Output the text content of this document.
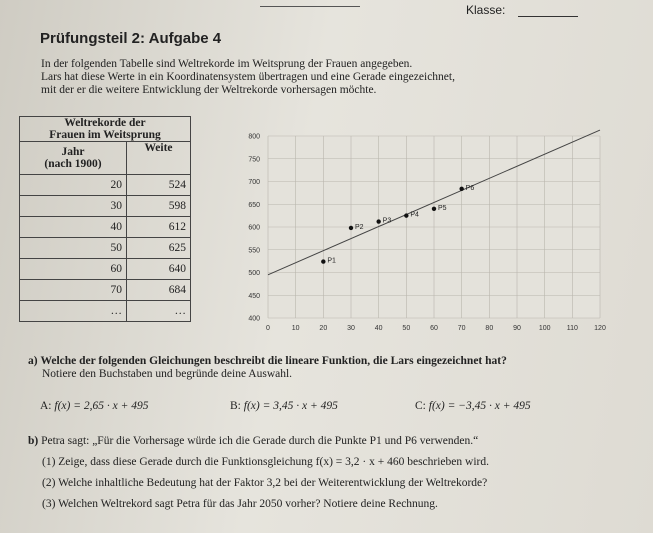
Klasse:
Prüfungsteil 2: Aufgabe 4
In der folgenden Tabelle sind Weltrekorde im Weitsprung der Frauen angegeben.
Lars hat diese Werte in ein Koordinatensystem übertragen und eine Gerade eingezeichnet,
mit der er die weitere Entwicklung der Weltrekorde vorhersagen möchte.
Weltrekorde der
Frauen im Weitsprung	

Jahr
(nach 1900)	Weite
20	524
30	598
40	612
50	625
60	640
70	684
…	…
0	10	20	30	40	50	60	70	80	90	100 110 120
400
450
500
550
600
650
700
750
800
P1
P2
P3
P4
P5
P6
a) Welche der folgenden Gleichungen beschreibt die lineare Funktion, die Lars eingezeichnet hat?
Notiere den Buchstaben und begründe deine Auswahl.
A: f(x) = 2,65 · x + 495	B: f(x) = 3,45 · x + 495	C: f(x) = −3,45 · x + 495
b) Petra sagt: „Für die Vorhersage würde ich die Gerade durch die Punkte P1 und P6 verwenden.“
(1) Zeige, dass diese Gerade durch die Funktionsgleichung f(x) = 3,2 · x + 460 beschrieben wird.
(2) Welche inhaltliche Bedeutung hat der Faktor 3,2 bei der Weiterentwicklung der Weltrekorde?
(3) Welchen Weltrekord sagt Petra für das Jahr 2050 vorher? Notiere deine Rechnung.
